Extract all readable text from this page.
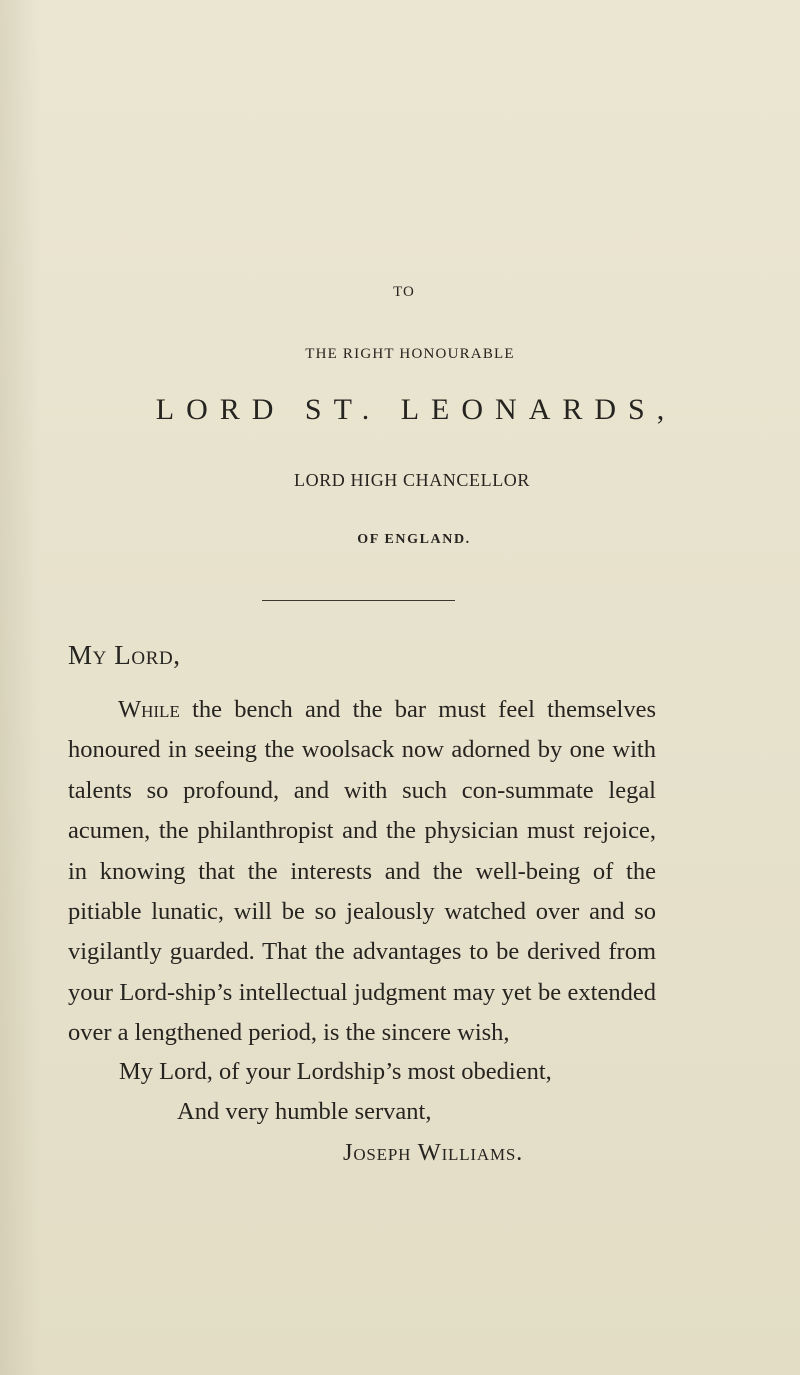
TO
THE RIGHT HONOURABLE
LORD ST. LEONARDS,
LORD HIGH CHANCELLOR
OF ENGLAND.
My Lord,

While the bench and the bar must feel themselves honoured in seeing the woolsack now adorned by one with talents so profound, and with such con-summate legal acumen, the philanthropist and the physician must rejoice, in knowing that the interests and the well-being of the pitiable lunatic, will be so jealously watched over and so vigilantly guarded. That the advantages to be derived from your Lord-ship’s intellectual judgment may yet be extended over a lengthened period, is the sincere wish,

My Lord, of your Lordship’s most obedient,
And very humble servant,
Joseph Williams.
